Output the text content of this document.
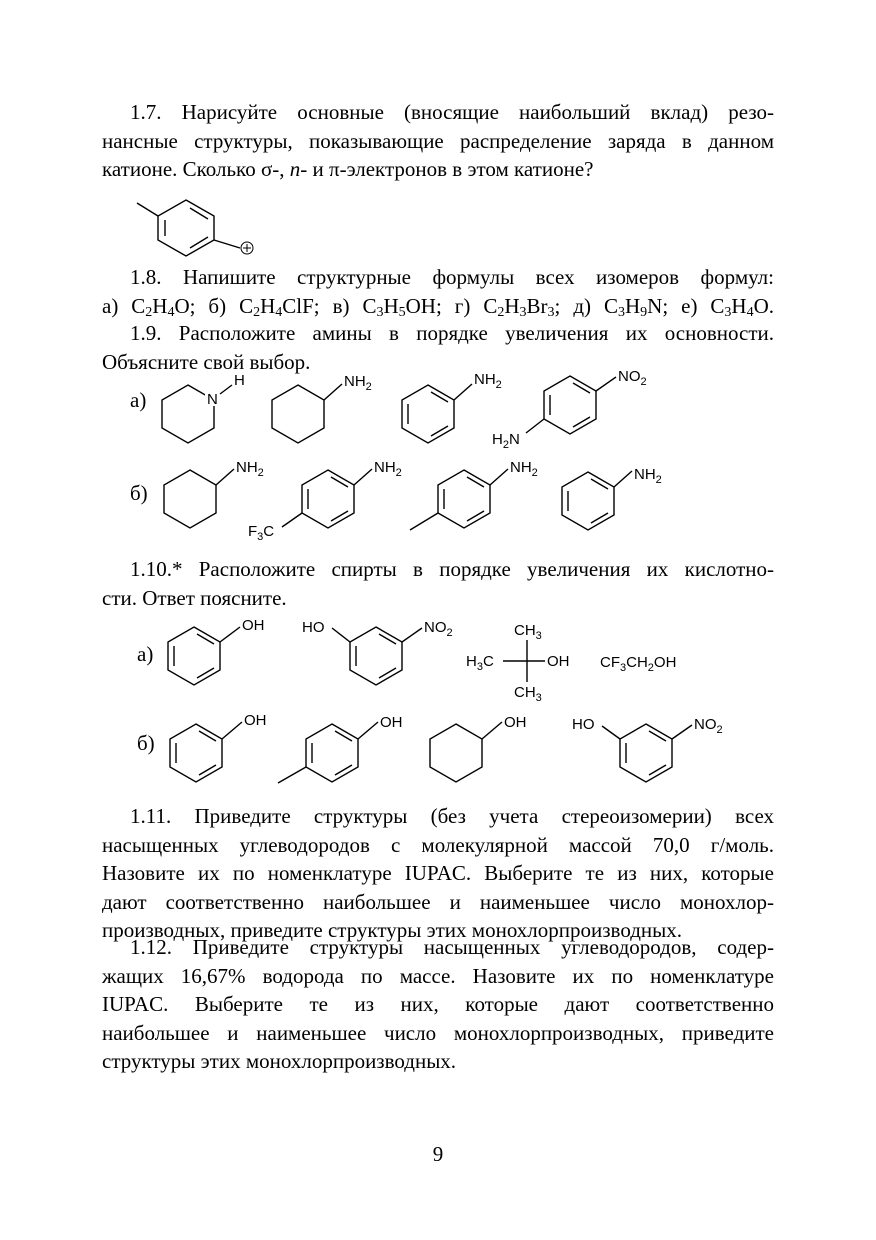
1.7. Нарисуйте основные (вносящие наибольший вклад) резо-
нансные структуры, показывающие распределение заряда в данном
катионе. Сколько σ-, n- и π-электронов в этом катионе?
N
H	$NH_2$	$NH_2$	$NO_2$
$H_2N$
$NH_2$	$NH_2$
$F_3C$
$NH_2$	$NH_2$
OH	HO	$NO_2$	$CH_3$
$H_3C$	OH
$CH_3$
$CF_3CH_2OH$
OH	OH	OH	HO	$NO_2$
1.8. Напишите структурные формулы всех изомеров формул:
а) $C_2H_4O$; б) $C_2H_4ClF$; в) $C_3H_5OH$; г) $C_2H_3Br_3$; д) $C_3H_9N$; е) $C_3H_4O$.
1.9. Расположите амины в порядке увеличения их основности.
Объясните свой выбор.
а)
б)
1.10.* Расположите спирты в порядке увеличения их кислотно-
сти. Ответ поясните.
а)
б)
1.11. Приведите структуры (без учета стереоизомерии) всех
насыщенных углеводородов с молекулярной массой 70,0 г/моль.
Назовите их по номенклатуре IUPAC. Выберите те из них, которые
дают соответственно наибольшее и наименьшее число монохлор-
производных, приведите структуры этих монохлорпроизводных.
1.12. Приведите структуры насыщенных углеводородов, содер-
жащих 16,67% водорода по массе. Назовите их по номенклатуре
IUPAC. Выберите те из них, которые дают соответственно
наибольшее и наименьшее число монохлорпроизводных, приведите
структуры этих монохлорпроизводных.
9
